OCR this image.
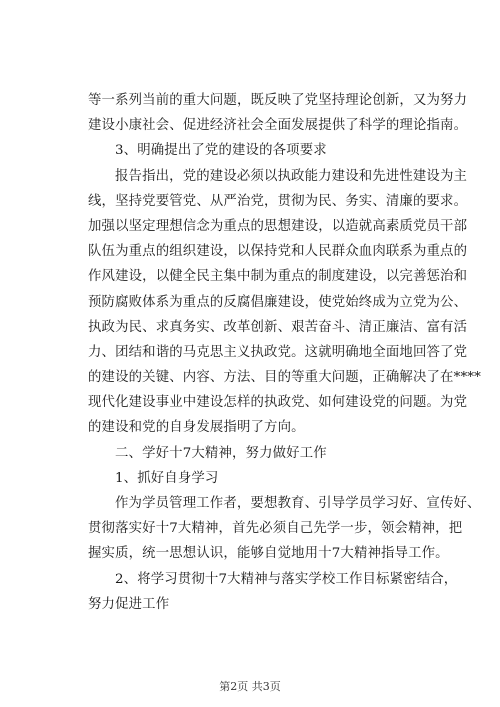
等一系列当前的重大问题，既反映了党坚持理论创新，又为努力
建设小康社会、促进经济社会全面发展提供了科学的理论指南。
3、明确提出了党的建设的各项要求
报告指出，党的建设必须以执政能力建设和先进性建设为主
线，坚持党要管党、从严治党，贯彻为民、务实、清廉的要求。
加强以坚定理想信念为重点的思想建设，以造就高素质党员干部
队伍为重点的组织建设，以保持党和人民群众血肉联系为重点的
作风建设，以健全民主集中制为重点的制度建设，以完善惩治和
预防腐败体系为重点的反腐倡廉建设，使党始终成为立党为公、
执政为民、求真务实、改革创新、艰苦奋斗、清正廉洁、富有活
力、团结和谐的马克思主义执政党。这就明确地全面地回答了党
的建设的关键、内容、方法、目的等重大问题，正确解决了在****
现代化建设事业中建设怎样的执政党、如何建设党的问题。为党
的建设和党的自身发展指明了方向。
二、学好十7大精神，努力做好工作
1、抓好自身学习
作为学员管理工作者，要想教育、引导学员学习好、宣传好、
贯彻落实好十7大精神，首先必须自己先学一步，领会精神，把
握实质，统一思想认识，能够自觉地用十7大精神指导工作。
2、将学习贯彻十7大精神与落实学校工作目标紧密结合，
努力促进工作
第2页 共3页
